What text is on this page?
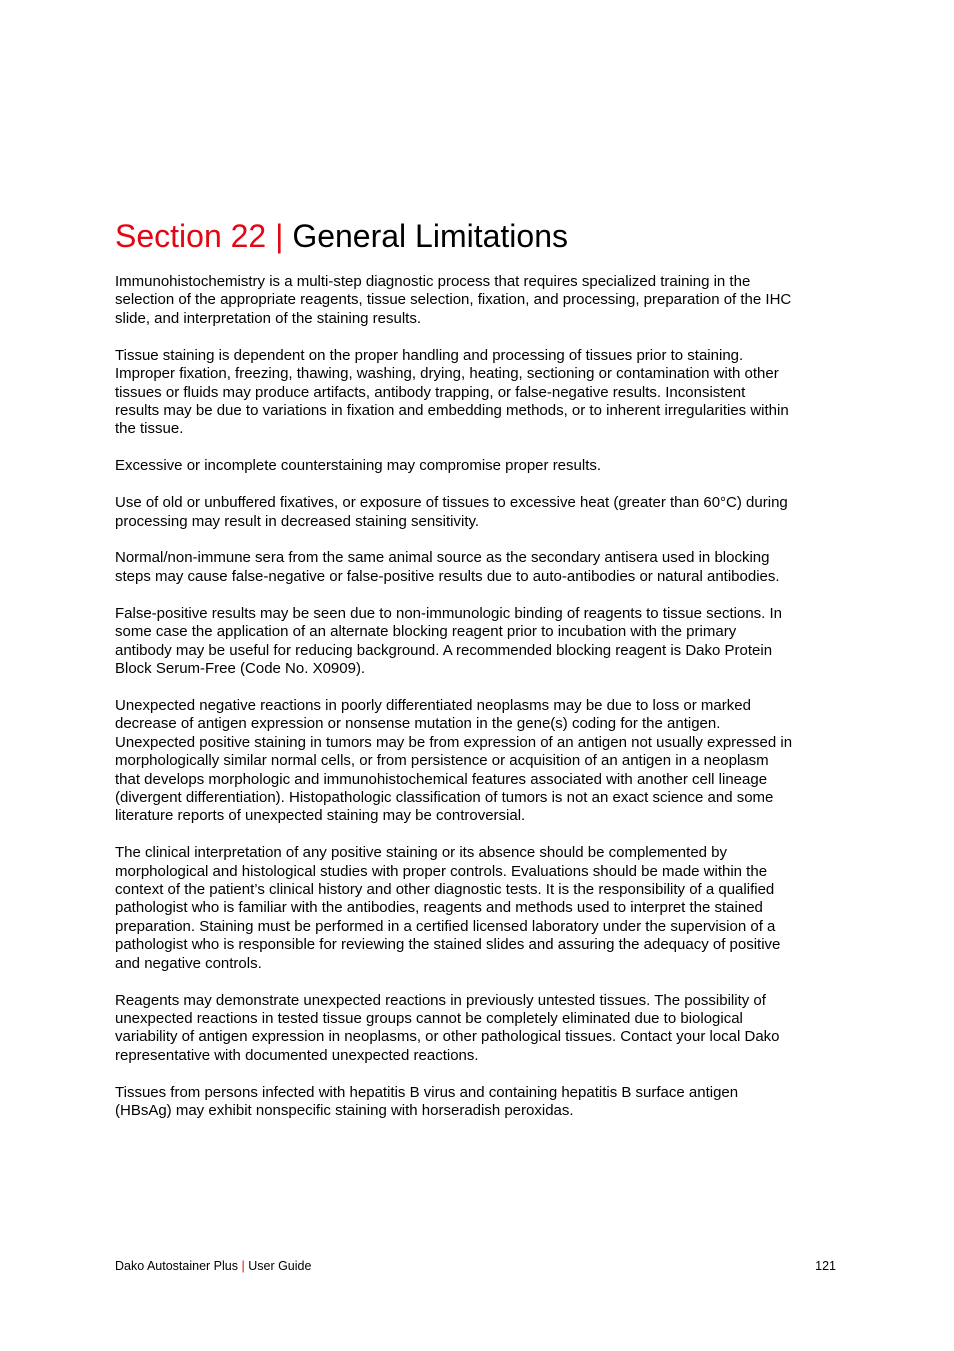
Section 22 | General Limitations

Immunohistochemistry is a multi-step diagnostic process that requires specialized training in the
selection of the appropriate reagents, tissue selection, fixation, and processing, preparation of the IHC
slide, and interpretation of the staining results.

Tissue staining is dependent on the proper handling and processing of tissues prior to staining.
Improper fixation, freezing, thawing, washing, drying, heating, sectioning or contamination with other
tissues or fluids may produce artifacts, antibody trapping, or false-negative results. Inconsistent
results may be due to variations in fixation and embedding methods, or to inherent irregularities within
the tissue.

Excessive or incomplete counterstaining may compromise proper results.

Use of old or unbuffered fixatives, or exposure of tissues to excessive heat (greater than 60°C) during
processing may result in decreased staining sensitivity.

Normal/non-immune sera from the same animal source as the secondary antisera used in blocking
steps may cause false-negative or false-positive results due to auto-antibodies or natural antibodies.

False-positive results may be seen due to non-immunologic binding of reagents to tissue sections. In
some case the application of an alternate blocking reagent prior to incubation with the primary
antibody may be useful for reducing background. A recommended blocking reagent is Dako Protein
Block Serum-Free (Code No. X0909).

Unexpected negative reactions in poorly differentiated neoplasms may be due to loss or marked
decrease of antigen expression or nonsense mutation in the gene(s) coding for the antigen.
Unexpected positive staining in tumors may be from expression of an antigen not usually expressed in
morphologically similar normal cells, or from persistence or acquisition of an antigen in a neoplasm
that develops morphologic and immunohistochemical features associated with another cell lineage
(divergent differentiation). Histopathologic classification of tumors is not an exact science and some
literature reports of unexpected staining may be controversial.

The clinical interpretation of any positive staining or its absence should be complemented by
morphological and histological studies with proper controls. Evaluations should be made within the
context of the patient’s clinical history and other diagnostic tests. It is the responsibility of a qualified
pathologist who is familiar with the antibodies, reagents and methods used to interpret the stained
preparation. Staining must be performed in a certified licensed laboratory under the supervision of a
pathologist who is responsible for reviewing the stained slides and assuring the adequacy of positive
and negative controls.

Reagents may demonstrate unexpected reactions in previously untested tissues. The possibility of
unexpected reactions in tested tissue groups cannot be completely eliminated due to biological
variability of antigen expression in neoplasms, or other pathological tissues. Contact your local Dako
representative with documented unexpected reactions.

Tissues from persons infected with hepatitis B virus and containing hepatitis B surface antigen
(HBsAg) may exhibit nonspecific staining with horseradish peroxidas.

Dako Autostainer Plus | User Guide	121
